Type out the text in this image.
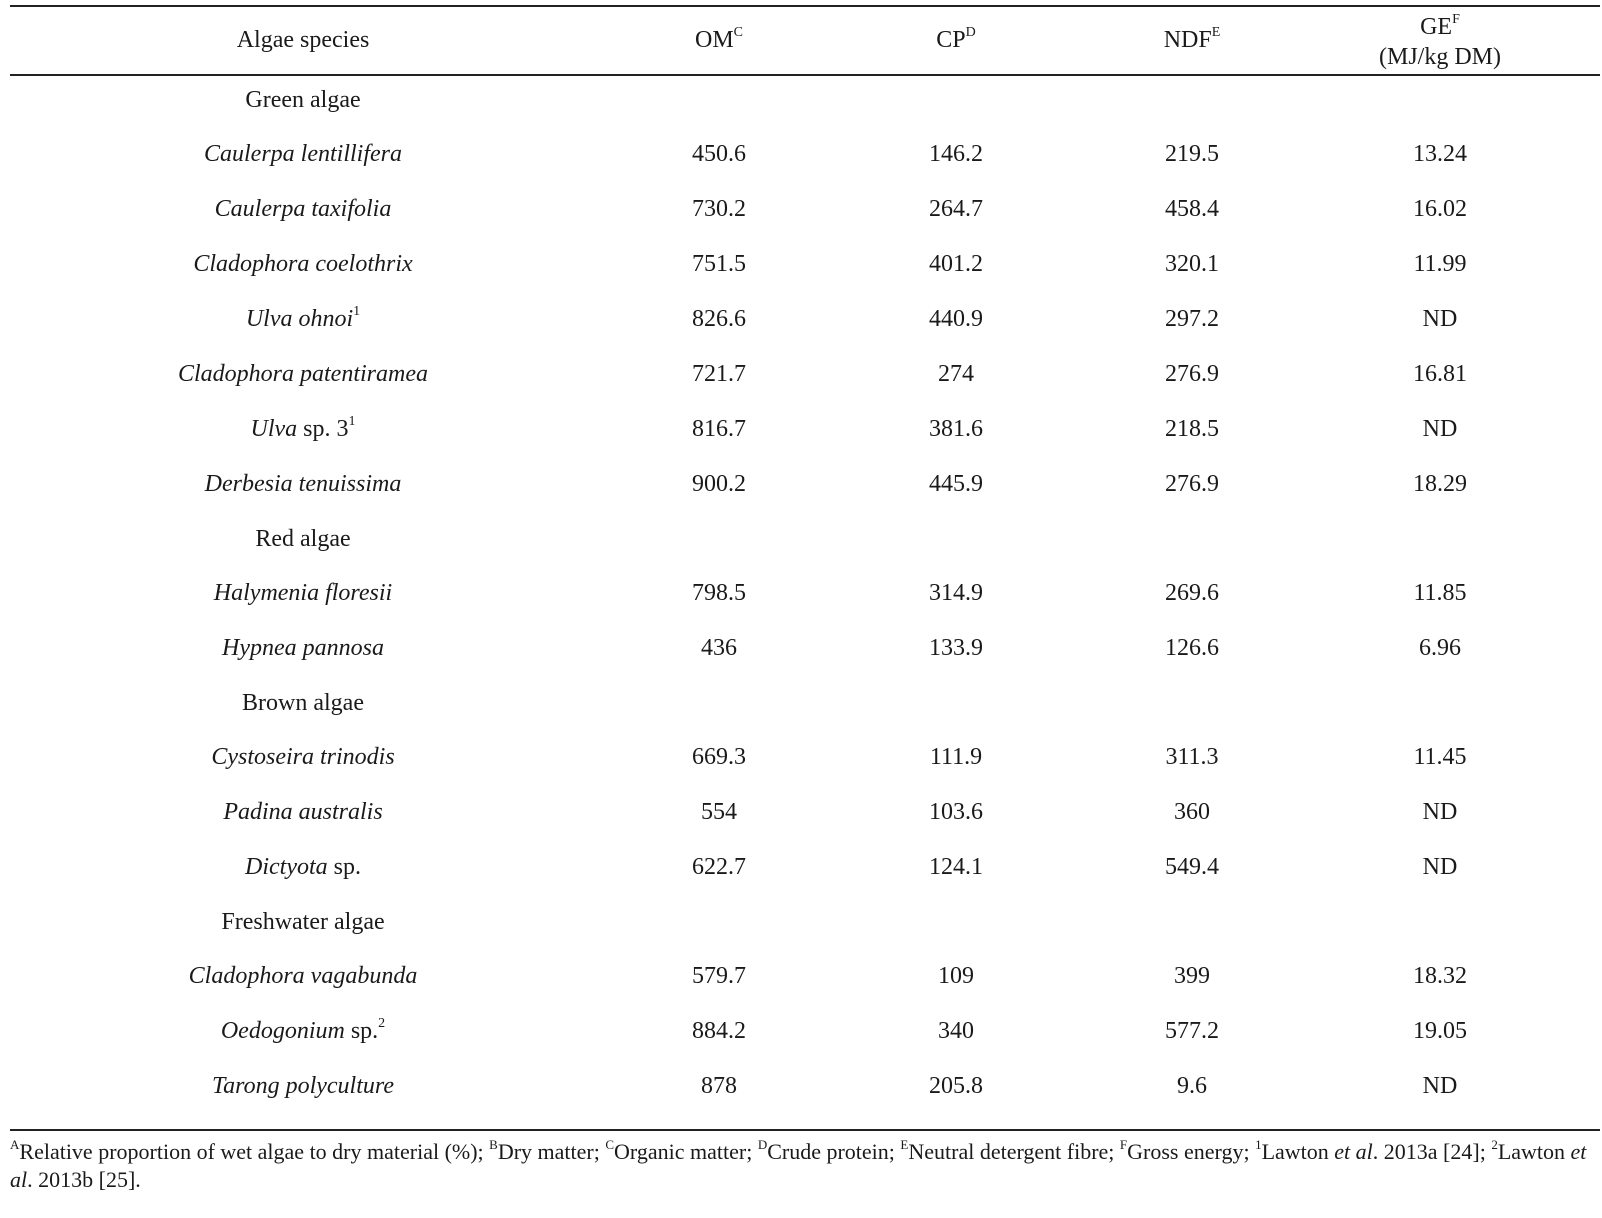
Algae species	$OM^C$	$CP^D$	$NDF^E$	$GE^F$
(MJ/kg DM)
Green algae
Caulerpa lentillifera	450.6	146.2	219.5	13.24
Caulerpa taxifolia	730.2	264.7	458.4	16.02
Cladophora coelothrix	751.5	401.2	320.1	11.99
Ulva ohnoi$^1$	826.6	440.9	297.2	ND
Cladophora patentiramea	721.7	274	276.9	16.81
Ulva sp. $3^1$	816.7	381.6	218.5	ND
Derbesia tenuissima	900.2	445.9	276.9	18.29
Red algae
Halymenia floresii	798.5	314.9	269.6	11.85
Hypnea pannosa	436	133.9	126.6	6.96
Brown algae
Cystoseira trinodis	669.3	111.9	311.3	11.45
Padina australis	554	103.6	360	ND
Dictyota sp.	622.7	124.1	549.4	ND
Freshwater algae
Cladophora vagabunda	579.7	109	399	18.32
Oedogonium sp.$^2$	884.2	340	577.2	19.05
Tarong polyculture	878	205.8	9.6	ND
$^A$Relative proportion of wet algae to dry material (%); $^B$Dry matter; $^C$Organic matter; $^D$Crude protein; $^E$Neutral detergent fibre; $^F$Gross energy; $^1$Lawton et al. 2013a [24]; $^2$Lawton et al. 2013b [25].
